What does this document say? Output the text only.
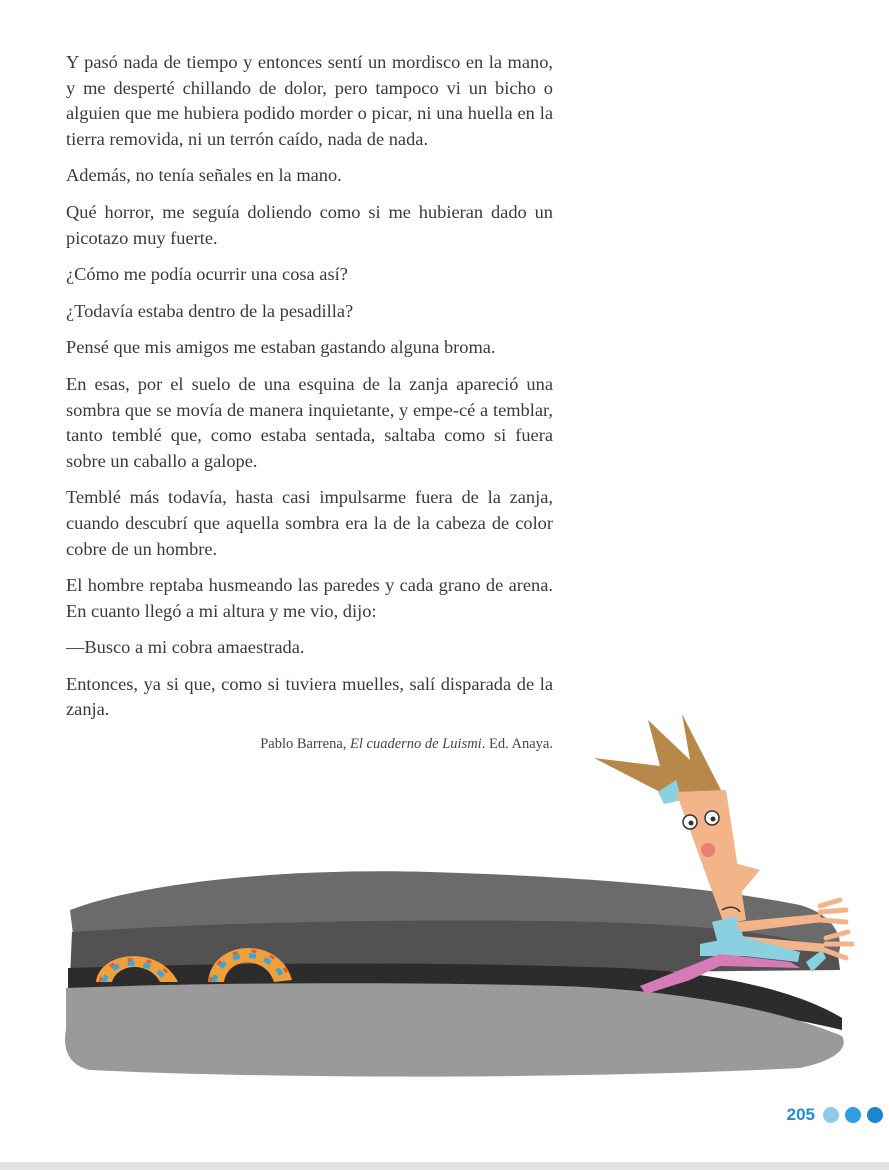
Y pasó nada de tiempo y entonces sentí un mordisco en la mano, y me desperté chillando de dolor, pero tampoco vi un bicho o alguien que me hubiera podido morder o picar, ni una huella en la tierra removida, ni un terrón caído, nada de nada.

Además, no tenía señales en la mano.

Qué horror, me seguía doliendo como si me hubieran dado un picotazo muy fuerte.

¿Cómo me podía ocurrir una cosa así?

¿Todavía estaba dentro de la pesadilla?

Pensé que mis amigos me estaban gastando alguna broma.

En esas, por el suelo de una esquina de la zanja apareció una sombra que se movía de manera inquietante, y empe-cé a temblar, tanto temblé que, como estaba sentada, saltaba como si fuera sobre un caballo a galope.

Temblé más todavía, hasta casi impulsarme fuera de la zanja, cuando descubrí que aquella sombra era la de la cabeza de color cobre de un hombre.

El hombre reptaba husmeando las paredes y cada grano de arena. En cuanto llegó a mi altura y me vio, dijo:

—Busco a mi cobra amaestrada.

Entonces, ya si que, como si tuviera muelles, salí disparada de la zanja.

Pablo Barrena, El cuaderno de Luismi. Ed. Anaya.
205
